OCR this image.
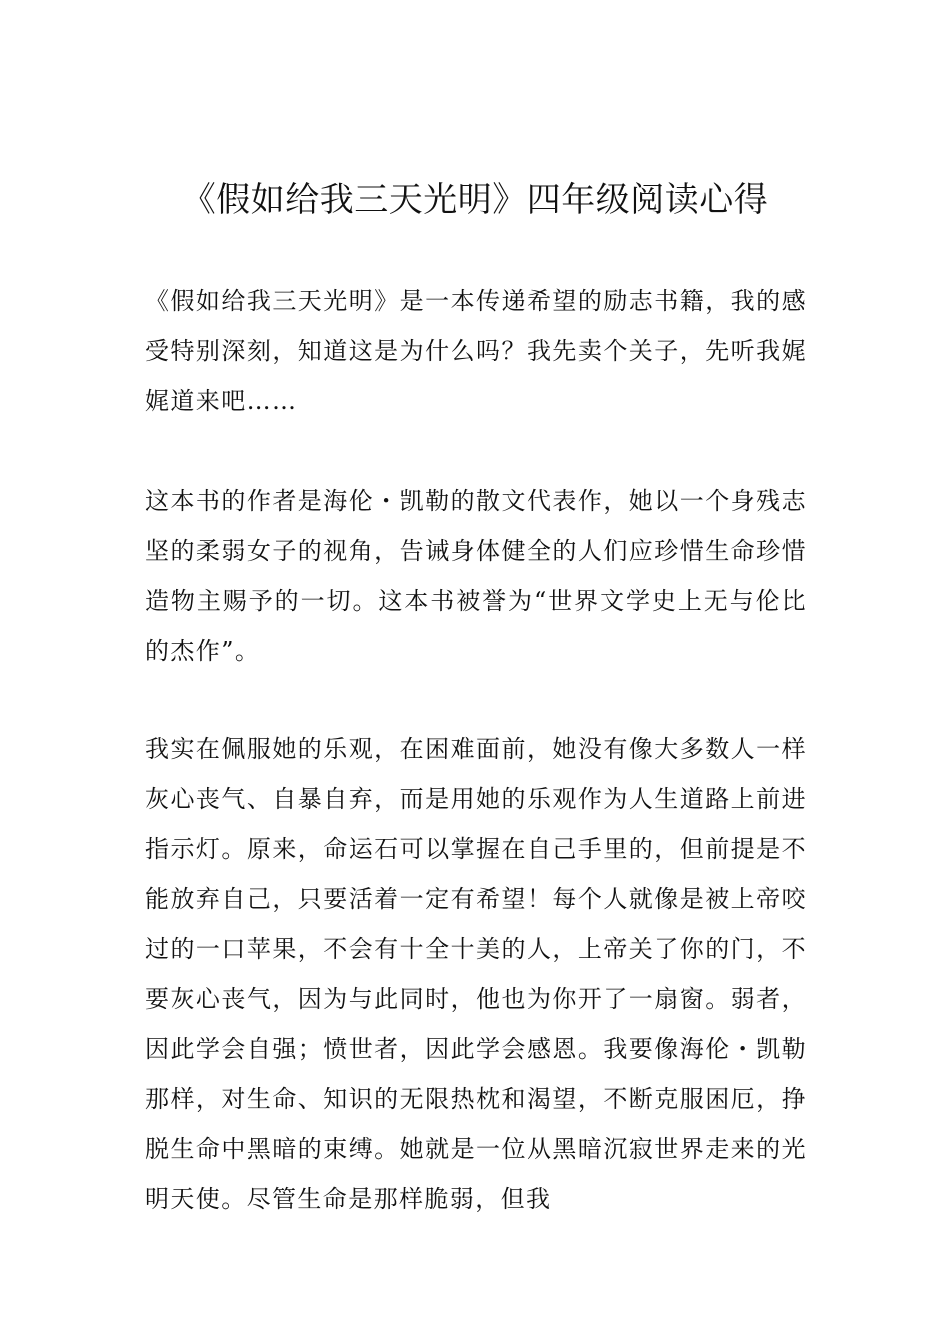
《假如给我三天光明》四年级阅读心得

《假如给我三天光明》是一本传递希望的励志书籍，我的感受特别深刻，知道这是为什么吗？我先卖个关子，先听我娓娓道来吧……

这本书的作者是海伦・凯勒的散文代表作，她以一个身残志坚的柔弱女子的视角，告诫身体健全的人们应珍惜生命珍惜造物主赐予的一切。这本书被誉为“世界文学史上无与伦比的杰作”。

我实在佩服她的乐观，在困难面前，她没有像大多数人一样灰心丧气、自暴自弃，而是用她的乐观作为人生道路上前进指示灯。原来，命运石可以掌握在自己手里的，但前提是不能放弃自己，只要活着一定有希望！每个人就像是被上帝咬过的一口苹果，不会有十全十美的人，上帝关了你的门，不要灰心丧气，因为与此同时，他也为你开了一扇窗。弱者，因此学会自强；愤世者，因此学会感恩。我要像海伦・凯勒那样，对生命、知识的无限热枕和渴望，不断克服困厄，挣脱生命中黑暗的束缚。她就是一位从黑暗沉寂世界走来的光明天使。尽管生命是那样脆弱，但我
